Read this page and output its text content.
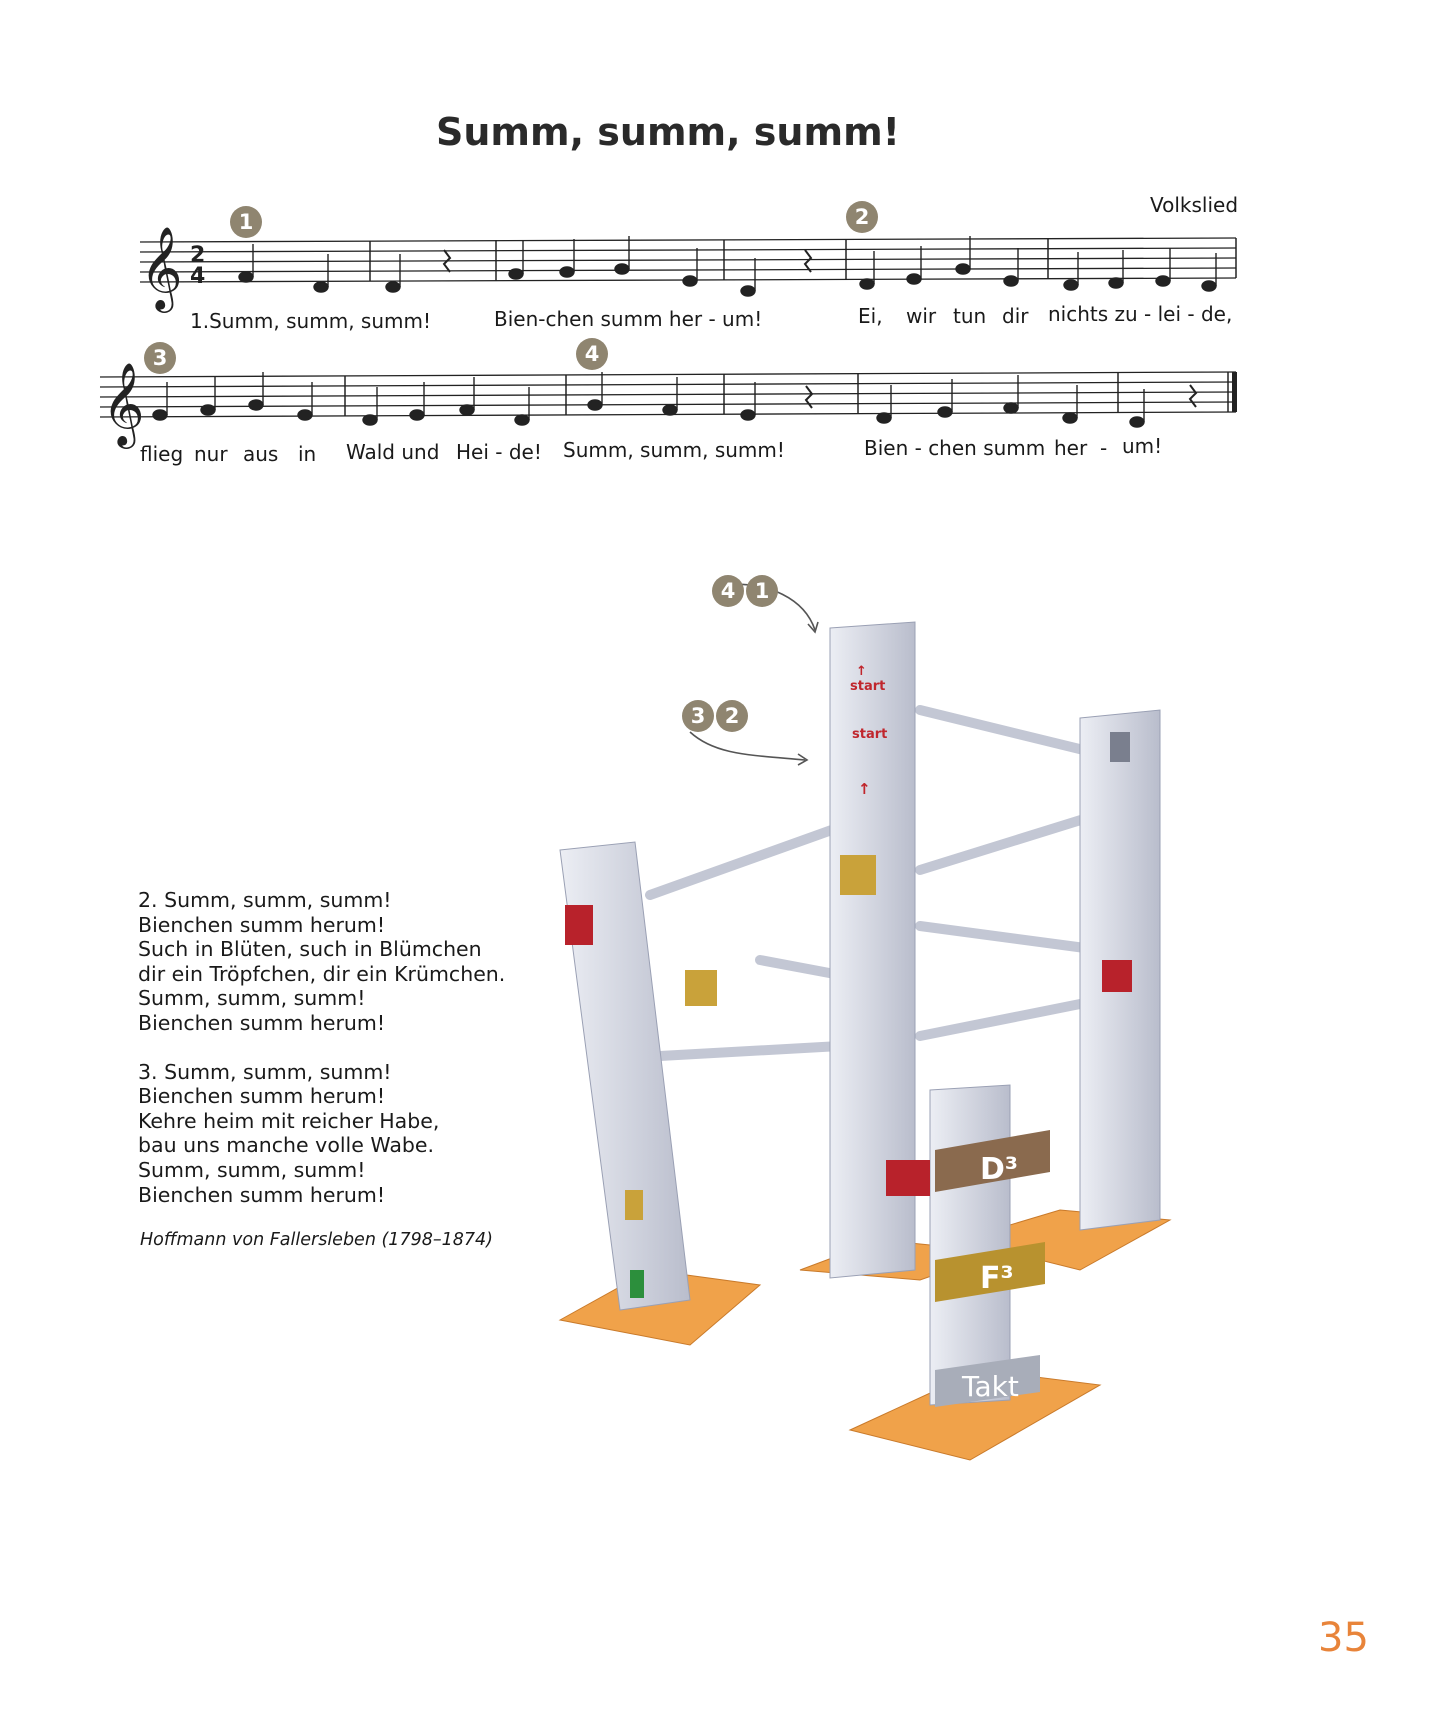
Summ, summ, summ!
Volkslied
1	2
3	4
𝄞
𝄞
2
4
1.Summ, summ, summ!	Bien-chen summ her - um!	Ei, wir tun dir nichts zu - lei - de,
flieg nur aus in Wald und Hei - de! Summ, summ, summ!	Bien - chen summ her - um!
2. Summ, summ, summ!
Bienchen summ herum!
Such in Blüten, such in Blümchen
dir ein Tröpfchen, dir ein Krümchen.
Summ, summ, summ!
Bienchen summ herum!
3. Summ, summ, summ!
Bienchen summ herum!
Kehre heim mit reicher Habe,
bau uns manche volle Wabe.
Summ, summ, summ!
Bienchen summ herum!
Hoffmann von Fallersleben (1798–1874)
↑
start
start
↑
D³
F³
Takt
4 1
3 2
35
